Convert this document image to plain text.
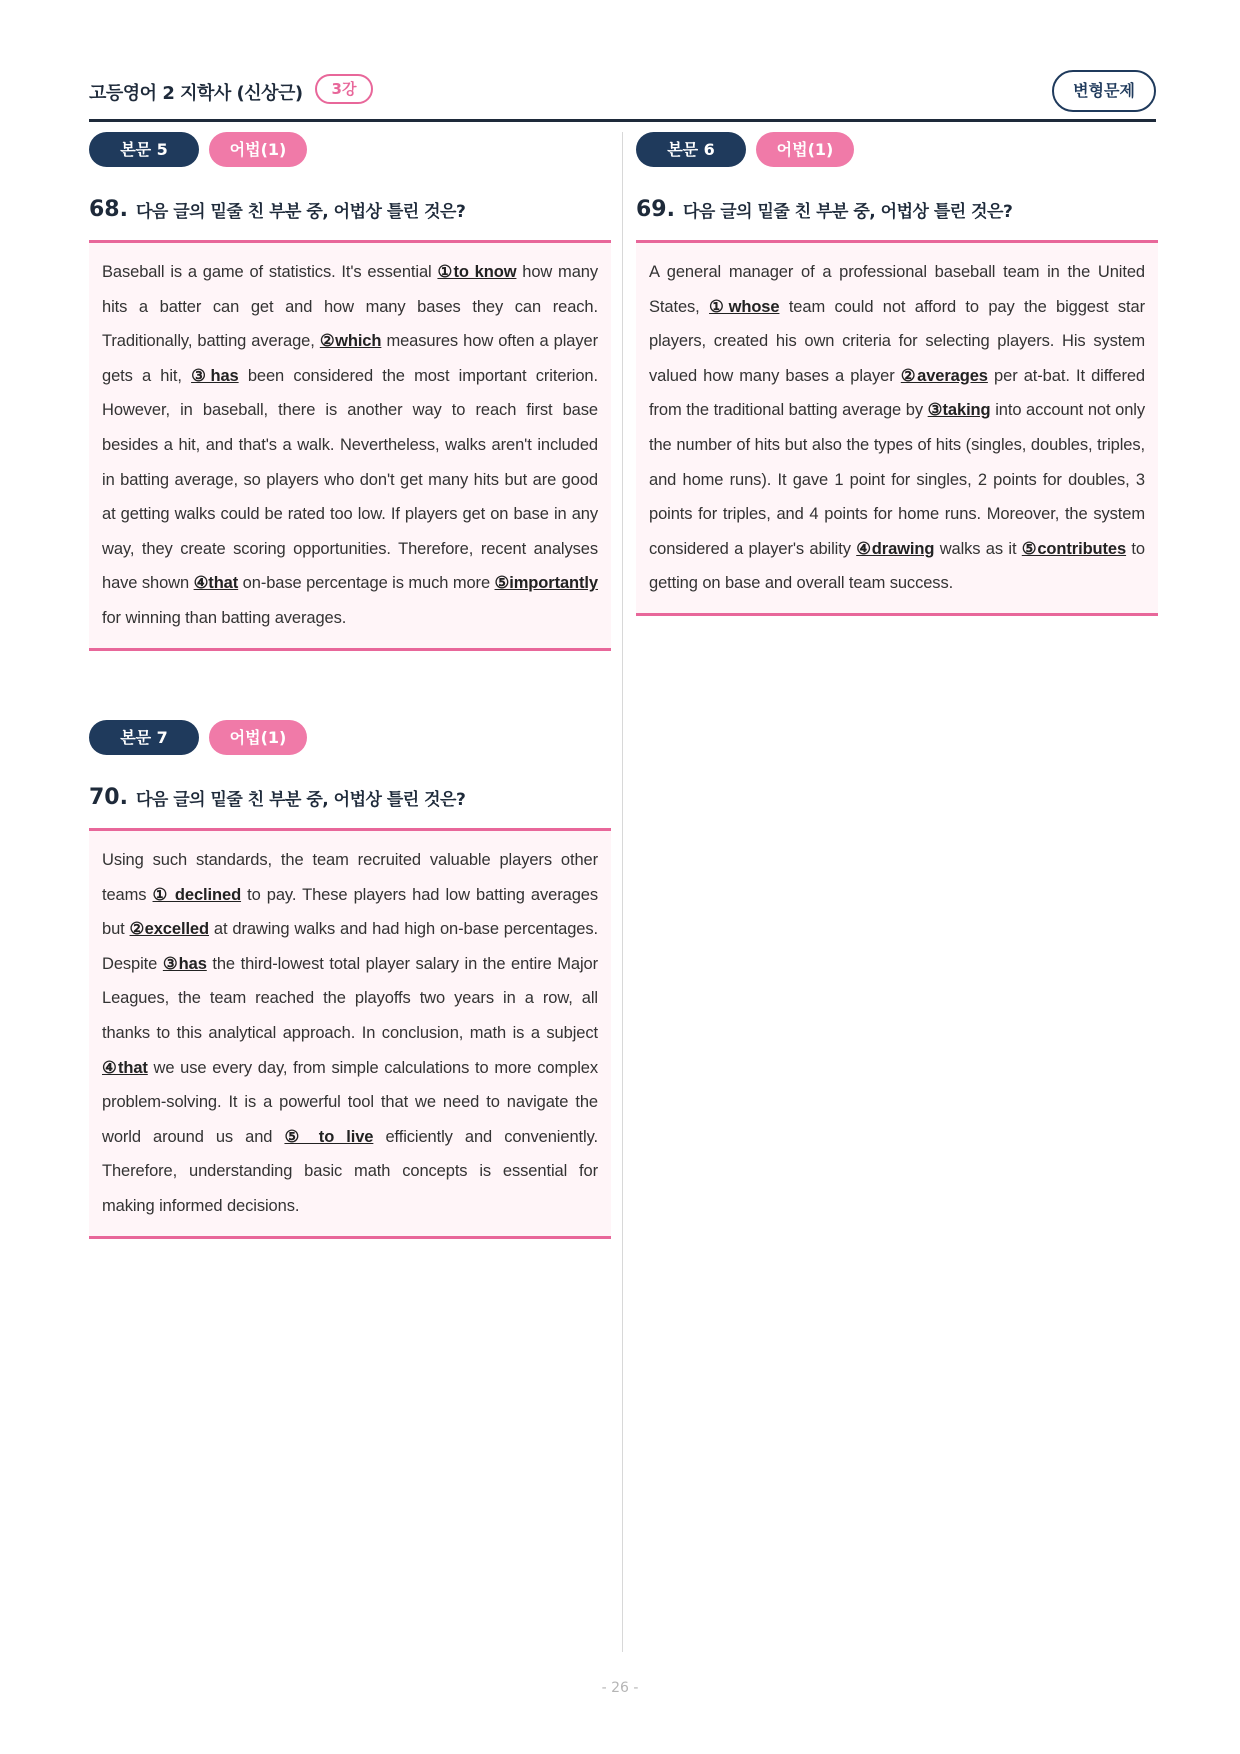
고등영어 2 지학사 (신상근)	3강	변형문제
본문 5	어법(1)
68. 다음 글의 밑줄 친 부분 중, 어법상 틀린 것은?

Baseball is a game of statistics. It's essential ①to know how many hits a batter can get and how many bases they can reach. Traditionally, batting average, ②which measures how often a player gets a hit, ③has been considered the most important criterion. However, in baseball, there is another way to reach first base besides a hit, and that's a walk. Nevertheless, walks aren't included in batting average, so players who don't get many hits but are good at getting walks could be rated too low. If players get on base in any way, they create scoring opportunities. Therefore, recent analyses have shown ④that on-base percentage is much more ⑤importantly for winning than batting averages.

본문 6	어법(1)
69. 다음 글의 밑줄 친 부분 중, 어법상 틀린 것은?

A general manager of a professional baseball team in the United States, ①whose team could not afford to pay the biggest star players, created his own criteria for selecting players. His system valued how many bases a player ②averages per at-bat. It differed from the traditional batting average by ③taking into account not only the number of hits but also the types of hits (singles, doubles, triples, and home runs). It gave 1 point for singles, 2 points for doubles, 3 points for triples, and 4 points for home runs. Moreover, the system considered a player's ability ④drawing walks as it ⑤contributes to getting on base and overall team success.

본문 7	어법(1)
70. 다음 글의 밑줄 친 부분 중, 어법상 틀린 것은?

Using such standards, the team recruited valuable players other teams ① declined to pay. These players had low batting averages but ②excelled at drawing walks and had high on-base percentages. Despite ③has the third-lowest total player salary in the entire Major Leagues, the team reached the playoffs two years in a row, all thanks to this analytical approach. In conclusion, math is a subject ④that we use every day, from simple calculations to more complex problem-solving. It is a powerful tool that we need to navigate the world around us and ⑤ to live efficiently and conveniently. Therefore, understanding basic math concepts is essential for making informed decisions.

- 26 -
